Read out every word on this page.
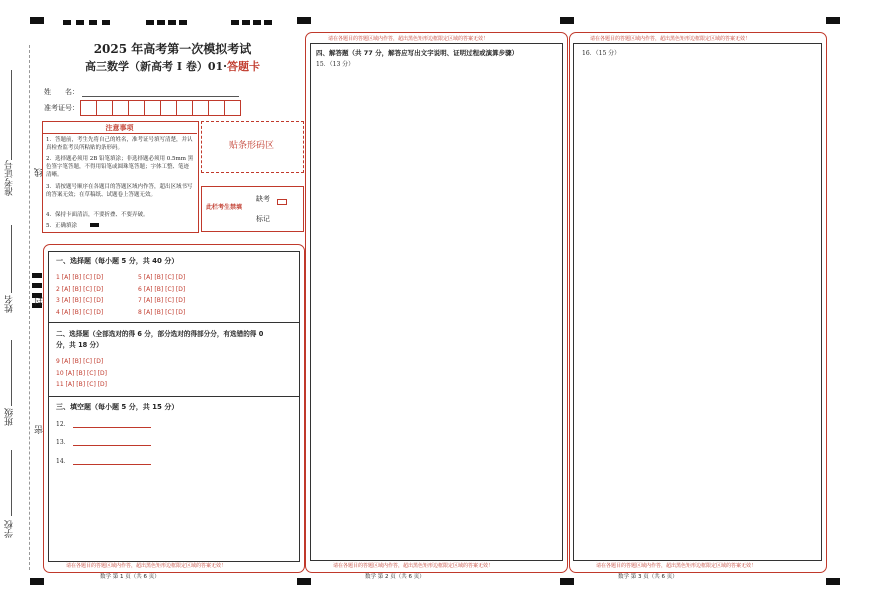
准考证号 线
姓名 封
班级
密
学校
2025 年高考第一次模拟考试
高三数学（新高考 I 卷）01·答题卡
姓　　名：
准考证号：
注意事项
1．答题前，考生先将自己的姓名，准考证号填写清楚，并认真检查监考员所粘贴的条形码。
2．选择题必须用 2B 铅笔填涂；非选择题必须用 0.5mm 黑色签字笔答题，不得用铅笔或圆珠笔答题；字体工整、笔迹清晰。
3．请按题号顺序在各题目的答题区域内作答，超出区域书写的答案无效；在草稿纸、试题卷上答题无效。
4．保持卡面清洁，不要折叠、不要弄破。
5．正确填涂
贴条形码区
此栏考生禁填
缺考
标记
一、选择题（每小题 5 分，共 40 分）
1 [A] [B] [C] [D]
2 [A] [B] [C] [D]
3 [A] [B] [C] [D]
4 [A] [B] [C] [D]
5 [A] [B] [C] [D]
6 [A] [B] [C] [D]
7 [A] [B] [C] [D]
8 [A] [B] [C] [D]
二、选择题（全部选对的得 6 分，部分选对的得部分分，有选错的得 0
分，共 18 分）
9 [A] [B] [C] [D]
10 [A] [B] [C] [D]
11 [A] [B] [C] [D]
三、填空题（每小题 5 分，共 15 分）
12．
13．
14．
请在各题目的答题区域内作答，超出黑色矩形边框限定区域的答案无效！
数学 第 1 页（共 6 页）
请在各题目的答题区域内作答，超出黑色矩形边框限定区域的答案无效！
四、解答题（共 77 分，解答应写出文字说明、证明过程或演算步骤）
15．（13 分）
请在各题目的答题区域内作答，超出黑色矩形边框限定区域的答案无效！
数学 第 2 页（共 6 页）
请在各题目的答题区域内作答，超出黑色矩形边框限定区域的答案无效！
16．（15 分）
请在各题目的答题区域内作答，超出黑色矩形边框限定区域的答案无效！
数学 第 3 页（共 6 页）
